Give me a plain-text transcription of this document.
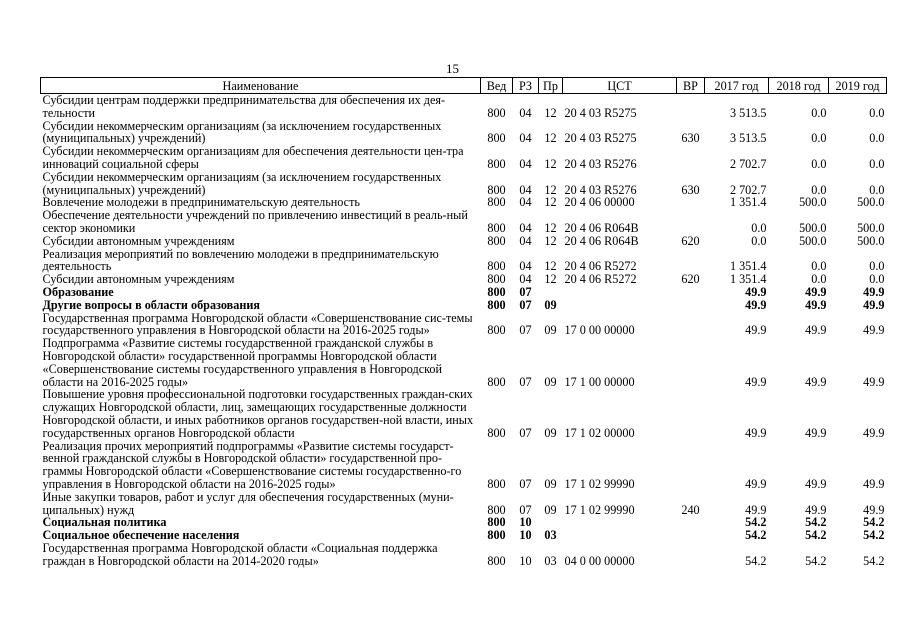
15
Наименование	Вед	РЗ	Пр	ЦСТ	ВР	2017 год	2018 год	2019 год
Субсидии центрам поддержки предпринимательства для обеспечения их дея-тельности	800	04	12	20 4 03 R5275		3 513.5	0.0	0.0
Субсидии некоммерческим организациям (за исключением государственных (муниципальных) учреждений)	800	04	12	20 4 03 R5275	630	3 513.5	0.0	0.0
Субсидии некоммерческим организациям для обеспечения деятельности цен-тра инноваций социальной сферы	800	04	12	20 4 03 R5276		2 702.7	0.0	0.0
Субсидии некоммерческим организациям (за исключением государственных (муниципальных) учреждений)	800	04	12	20 4 03 R5276	630	2 702.7	0.0	0.0
Вовлечение молодежи в предпринимательскую деятельность	800	04	12	20 4 06 00000		1 351.4	500.0	500.0
Обеспечение деятельности учреждений по привлечению инвестиций в реаль-ный сектор экономики	800	04	12	20 4 06 R064B		0.0	500.0	500.0
Субсидии автономным учреждениям	800	04	12	20 4 06 R064B	620	0.0	500.0	500.0
Реализация мероприятий по вовлечению молодежи в предпринимательскую деятельность	800	04	12	20 4 06 R5272		1 351.4	0.0	0.0
Субсидии автономным учреждениям	800	04	12	20 4 06 R5272	620	1 351.4	0.0	0.0
Образование	800	07				49.9	49.9	49.9
Другие вопросы в области образования	800	07	09			49.9	49.9	49.9
Государственная программа Новгородской области «Совершенствование сис-темы государственного управления в Новгородской области на 2016-2025 годы»	800	07	09	17 0 00 00000		49.9	49.9	49.9
Подпрограмма «Развитие системы государственной гражданской службы в Новгородской области» государственной программы Новгородской области «Совершенствование системы государственного управления в Новгородской области на 2016-2025 годы»	800	07	09	17 1 00 00000		49.9	49.9	49.9
Повышение уровня профессиональной подготовки государственных граждан-ских служащих Новгородской области, лиц, замещающих государственные должности Новгородской области, и иных работников органов государствен-ной власти, иных государственных органов Новгородской области	800	07	09	17 1 02 00000		49.9	49.9	49.9
Реализация прочих мероприятий подпрограммы «Развитие системы государст-венной гражданской службы в Новгородской области» государственной про-граммы Новгородской области «Совершенствование системы государственно-го управления в Новгородской области на 2016-2025 годы»	800	07	09	17 1 02 99990		49.9	49.9	49.9
Иные закупки товаров, работ и услуг для обеспечения государственных (муни-ципальных) нужд	800	07	09	17 1 02 99990	240	49.9	49.9	49.9
Социальная политика	800	10				54.2	54.2	54.2
Социальное обеспечение населения	800	10	03			54.2	54.2	54.2
Государственная программа Новгородской области «Социальная поддержка граждан в Новгородской области на 2014-2020 годы»	800	10	03	04 0 00 00000		54.2	54.2	54.2
